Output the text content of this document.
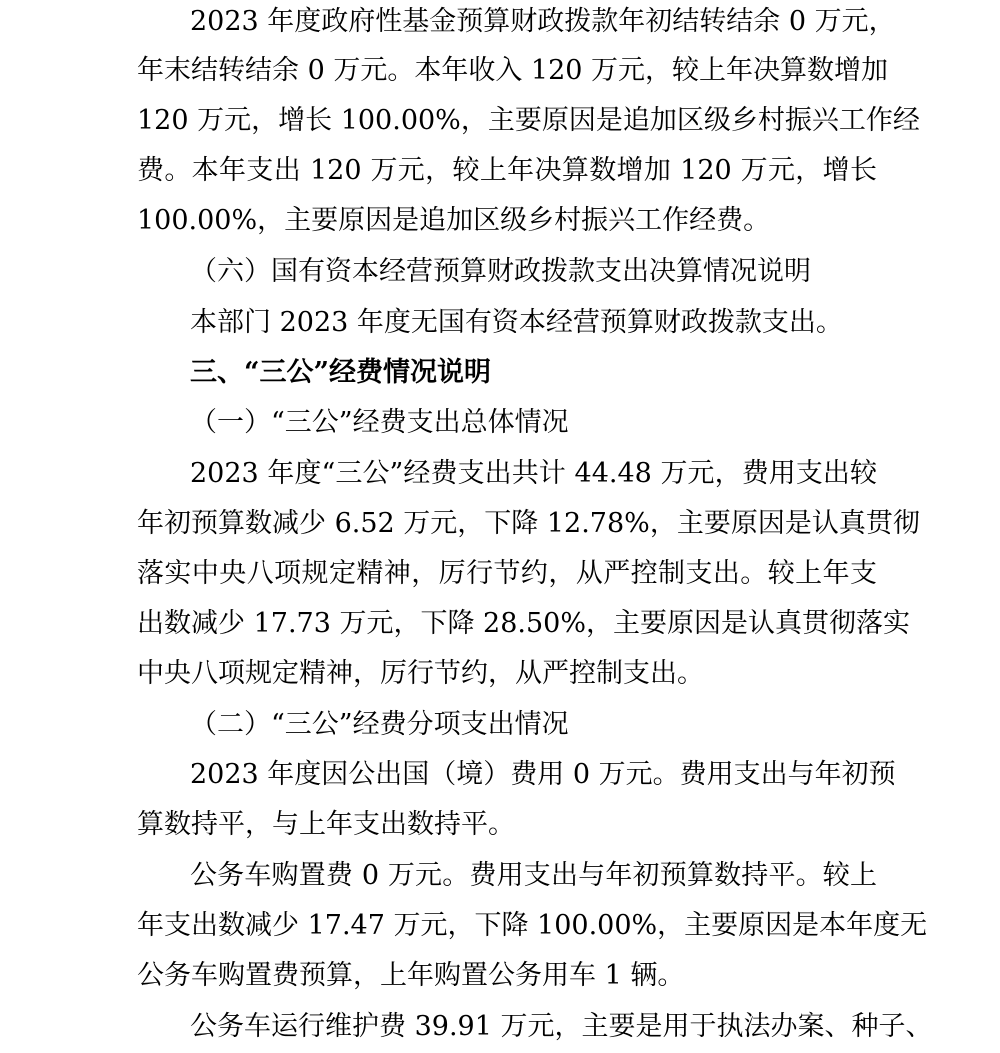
2023 年度政府性基金预算财政拨款年初结转结余 0 万元，
年末结转结余 0 万元。本年收入 120 万元，较上年决算数增加
120 万元，增长 100.00%，主要原因是追加区级乡村振兴工作经
费。本年支出 120 万元，较上年决算数增加 120 万元，增长
100.00%，主要原因是追加区级乡村振兴工作经费。
（六）国有资本经营预算财政拨款支出决算情况说明
本部门 2023 年度无国有资本经营预算财政拨款支出。
三、“三公”经费情况说明
（一）“三公”经费支出总体情况
2023 年度“三公”经费支出共计 44.48 万元，费用支出较
年初预算数减少 6.52 万元，下降 12.78%，主要原因是认真贯彻
落实中央八项规定精神，厉行节约，从严控制支出。较上年支
出数减少 17.73 万元，下降 28.50%，主要原因是认真贯彻落实
中央八项规定精神，厉行节约，从严控制支出。
（二）“三公”经费分项支出情况
2023 年度因公出国（境）费用 0 万元。费用支出与年初预
算数持平，与上年支出数持平。
公务车购置费 0 万元。费用支出与年初预算数持平。较上
年支出数减少 17.47 万元，下降 100.00%，主要原因是本年度无
公务车购置费预算，上年购置公务用车 1 辆。
公务车运行维护费 39.91 万元，主要是用于执法办案、种子、
